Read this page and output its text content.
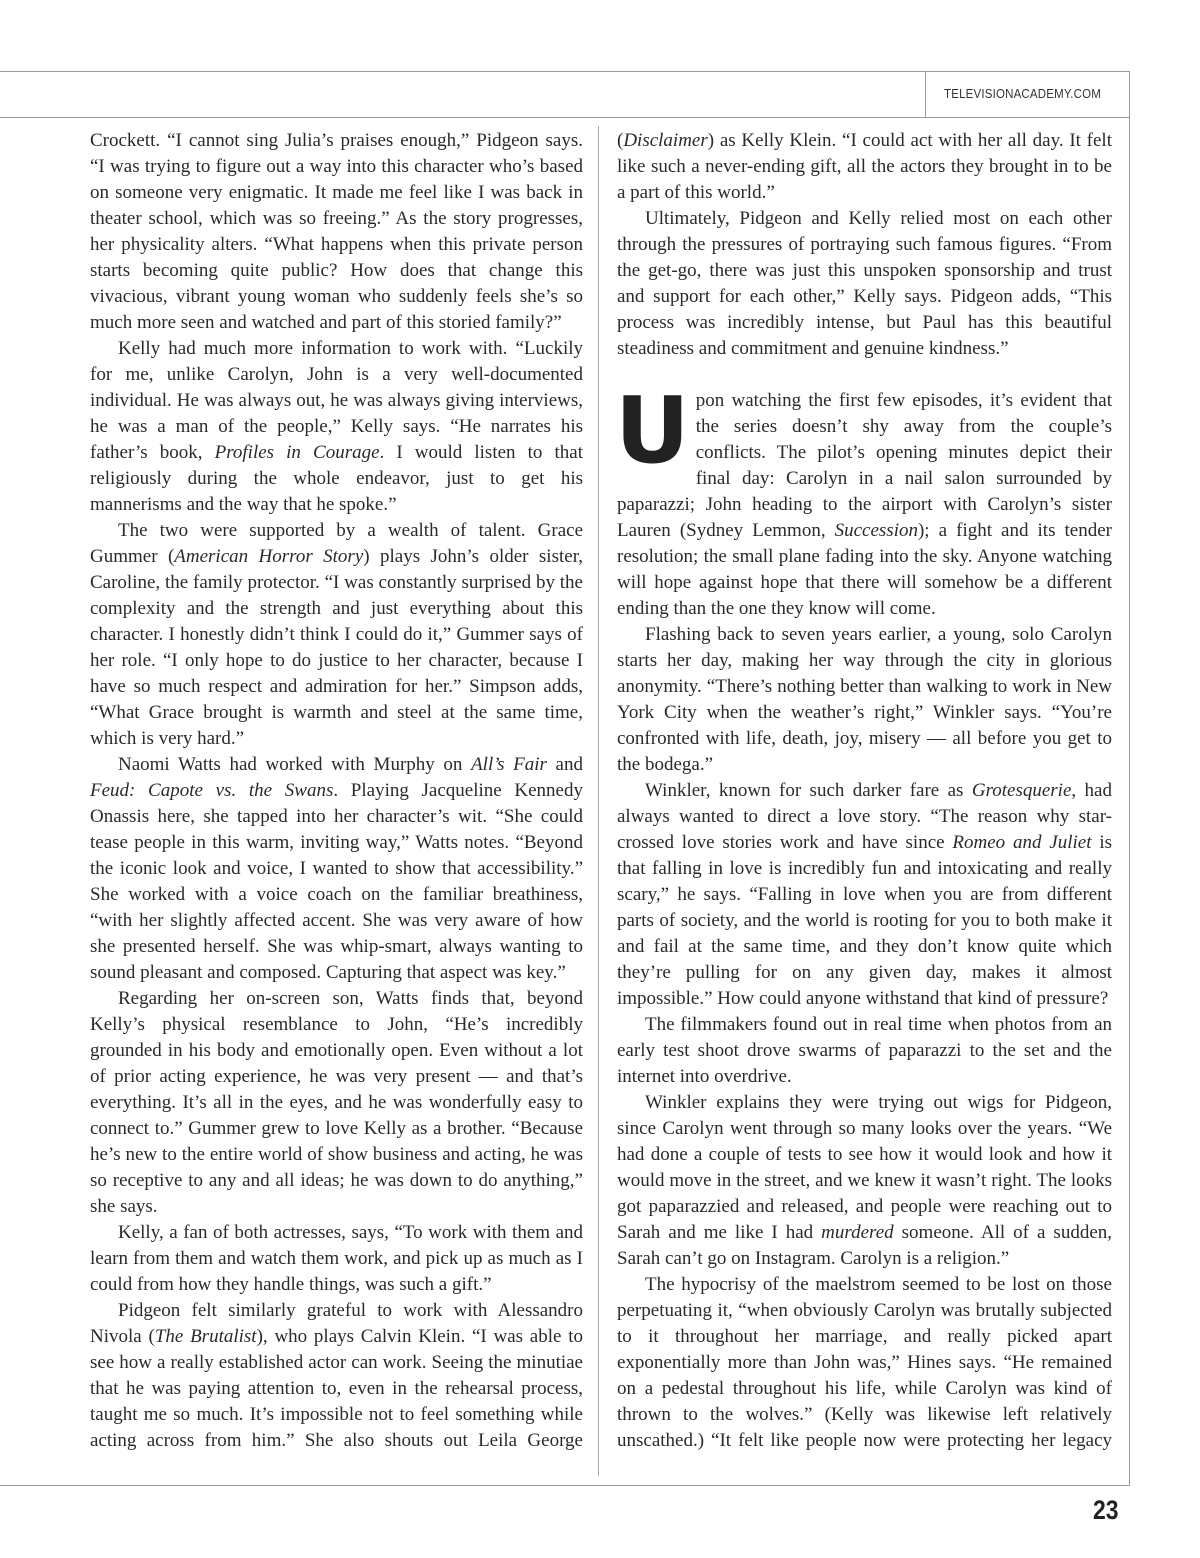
TELEVISIONACADEMY.COM

Crockett. “I cannot sing Julia’s praises enough,” Pidgeon says. “I was trying to figure out a way into this character who’s based on someone very enigmatic. It made me feel like I was back in theater school, which was so freeing.” As the story progresses, her physicality alters. “What happens when this private person starts becoming quite public? How does that change this vivacious, vibrant young woman who suddenly feels she’s so much more seen and watched and part of this storied family?”

Kelly had much more information to work with. “Luckily for me, unlike Carolyn, John is a very well-documented individual. He was always out, he was always giving interviews, he was a man of the people,” Kelly says. “He narrates his father’s book, Profiles in Courage. I would listen to that religiously during the whole endeavor, just to get his mannerisms and the way that he spoke.”

The two were supported by a wealth of talent. Grace Gummer (American Horror Story) plays John’s older sister, Caroline, the family protector. “I was constantly surprised by the complexity and the strength and just everything about this character. I honestly didn’t think I could do it,” Gummer says of her role. “I only hope to do justice to her character, because I have so much respect and admiration for her.” Simpson adds, “What Grace brought is warmth and steel at the same time, which is very hard.”

Naomi Watts had worked with Murphy on All’s Fair and Feud: Capote vs. the Swans. Playing Jacqueline Kennedy Onassis here, she tapped into her character’s wit. “She could tease people in this warm, inviting way,” Watts notes. “Beyond the iconic look and voice, I wanted to show that accessibility.” She worked with a voice coach on the familiar breathiness, “with her slightly affected accent. She was very aware of how she presented herself. She was whip-smart, always wanting to sound pleasant and composed. Capturing that aspect was key.”

Regarding her on-screen son, Watts finds that, beyond Kelly’s physical resemblance to John, “He’s incredibly grounded in his body and emotionally open. Even without a lot of prior acting experience, he was very present — and that’s everything. It’s all in the eyes, and he was wonderfully easy to connect to.” Gummer grew to love Kelly as a brother. “Because he’s new to the entire world of show business and acting, he was so receptive to any and all ideas; he was down to do anything,” she says.

Kelly, a fan of both actresses, says, “To work with them and learn from them and watch them work, and pick up as much as I could from how they handle things, was such a gift.”

Pidgeon felt similarly grateful to work with Alessandro Nivola (The Brutalist), who plays Calvin Klein. “I was able to see how a really established actor can work. Seeing the minutiae that he was paying attention to, even in the rehearsal process, taught me so much. It’s impossible not to feel something while acting across from him.” She also shouts out Leila George

(Disclaimer) as Kelly Klein. “I could act with her all day. It felt like such a never-ending gift, all the actors they brought in to be a part of this world.”

Ultimately, Pidgeon and Kelly relied most on each other through the pressures of portraying such famous figures. “From the get-go, there was just this unspoken sponsorship and trust and support for each other,” Kelly says. Pidgeon adds, “This process was incredibly intense, but Paul has this beautiful steadiness and commitment and genuine kindness.”

Upon watching the first few episodes, it’s evident that the series doesn’t shy away from the couple’s conflicts. The pilot’s opening minutes depict their final day: Carolyn in a nail salon surrounded by paparazzi; John heading to the airport with Carolyn’s sister Lauren (Sydney Lemmon, Succession); a fight and its tender resolution; the small plane fading into the sky. Anyone watching will hope against hope that there will somehow be a different ending than the one they know will come.

Flashing back to seven years earlier, a young, solo Carolyn starts her day, making her way through the city in glorious anonymity. “There’s nothing better than walking to work in New York City when the weather’s right,” Winkler says. “You’re confronted with life, death, joy, misery — all before you get to the bodega.”

Winkler, known for such darker fare as Grotesquerie, had always wanted to direct a love story. “The reason why star-crossed love stories work and have since Romeo and Juliet is that falling in love is incredibly fun and intoxicating and really scary,” he says. “Falling in love when you are from different parts of society, and the world is rooting for you to both make it and fail at the same time, and they don’t know quite which they’re pulling for on any given day, makes it almost impossible.” How could anyone withstand that kind of pressure?

The filmmakers found out in real time when photos from an early test shoot drove swarms of paparazzi to the set and the internet into overdrive.

Winkler explains they were trying out wigs for Pidgeon, since Carolyn went through so many looks over the years. “We had done a couple of tests to see how it would look and how it would move in the street, and we knew it wasn’t right. The looks got paparazzied and released, and people were reaching out to Sarah and me like I had murdered someone. All of a sudden, Sarah can’t go on Instagram. Carolyn is a religion.”

The hypocrisy of the maelstrom seemed to be lost on those perpetuating it, “when obviously Carolyn was brutally subjected to it throughout her marriage, and really picked apart exponentially more than John was,” Hines says. “He remained on a pedestal throughout his life, while Carolyn was kind of thrown to the wolves.” (Kelly was likewise left relatively unscathed.) “It felt like people now were protecting her legacy

23
